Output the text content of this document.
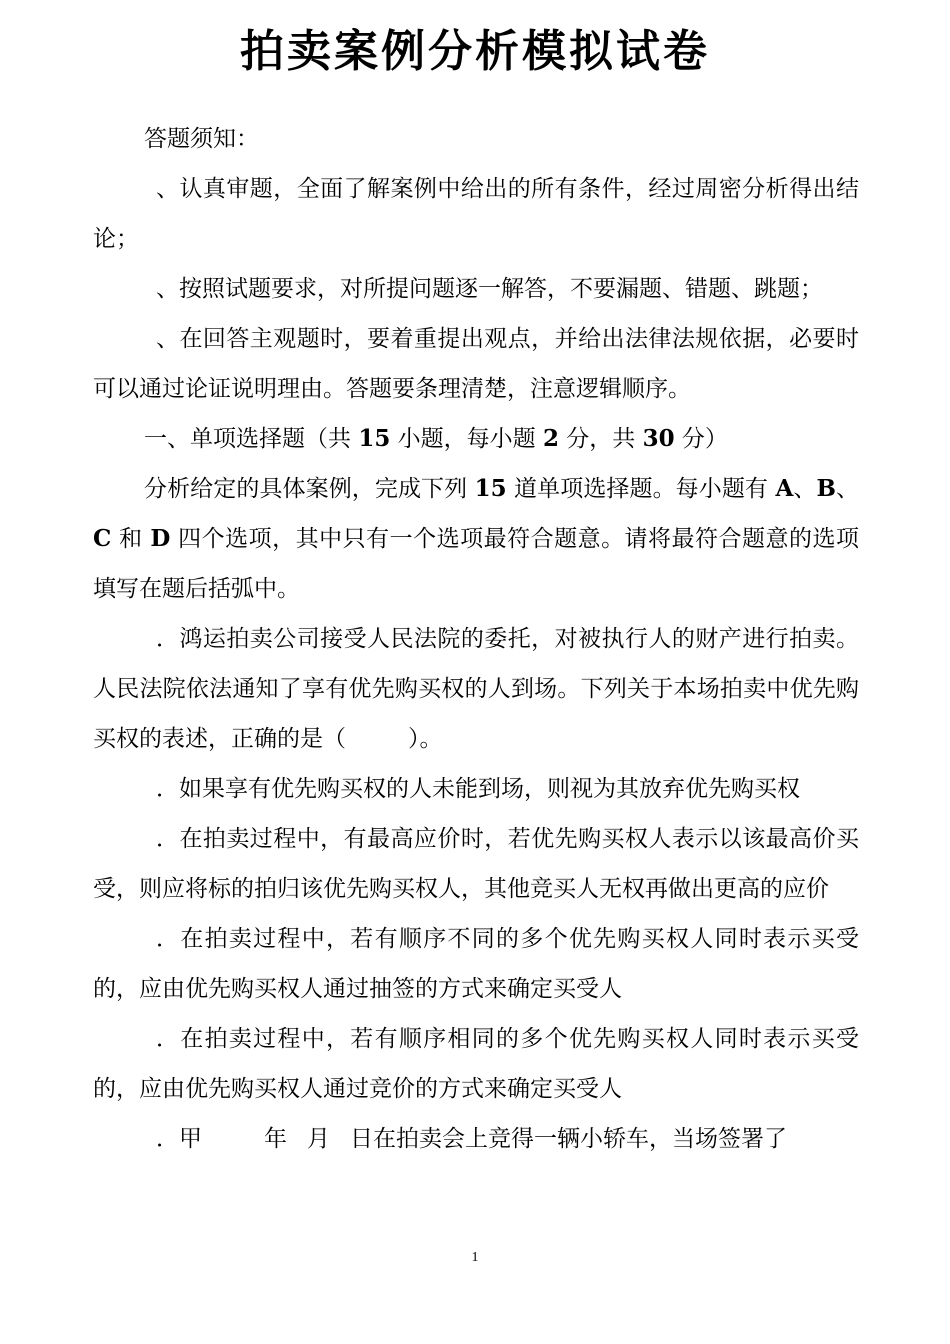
拍卖案例分析模拟试卷

答题须知：

、认真审题，全面了解案例中给出的所有条件，经过周密分析得出结论；

、按照试题要求，对所提问题逐一解答，不要漏题、错题、跳题；

、在回答主观题时，要着重提出观点，并给出法律法规依据，必要时可以通过论证说明理由。答题要条理清楚，注意逻辑顺序。

一、单项选择题（共 15 小题，每小题 2 分，共 30 分）

分析给定的具体案例，完成下列 15 道单项选择题。每小题有 A、B、C 和 D 四个选项，其中只有一个选项最符合题意。请将最符合题意的选项填写在题后括弧中。

．鸿运拍卖公司接受人民法院的委托，对被执行人的财产进行拍卖。人民法院依法通知了享有优先购买权的人到场。下列关于本场拍卖中优先购买权的表述，正确的是（	）。

．如果享有优先购买权的人未能到场，则视为其放弃优先购买权

．在拍卖过程中，有最高应价时，若优先购买权人表示以该最高价买受，则应将标的拍归该优先购买权人，其他竞买人无权再做出更高的应价

．在拍卖过程中，若有顺序不同的多个优先购买权人同时表示买受的，应由优先购买权人通过抽签的方式来确定买受人

．在拍卖过程中，若有顺序相同的多个优先购买权人同时表示买受的，应由优先购买权人通过竞价的方式来确定买受人

．甲	年 月 日在拍卖会上竞得一辆小轿车，当场签署了

1
